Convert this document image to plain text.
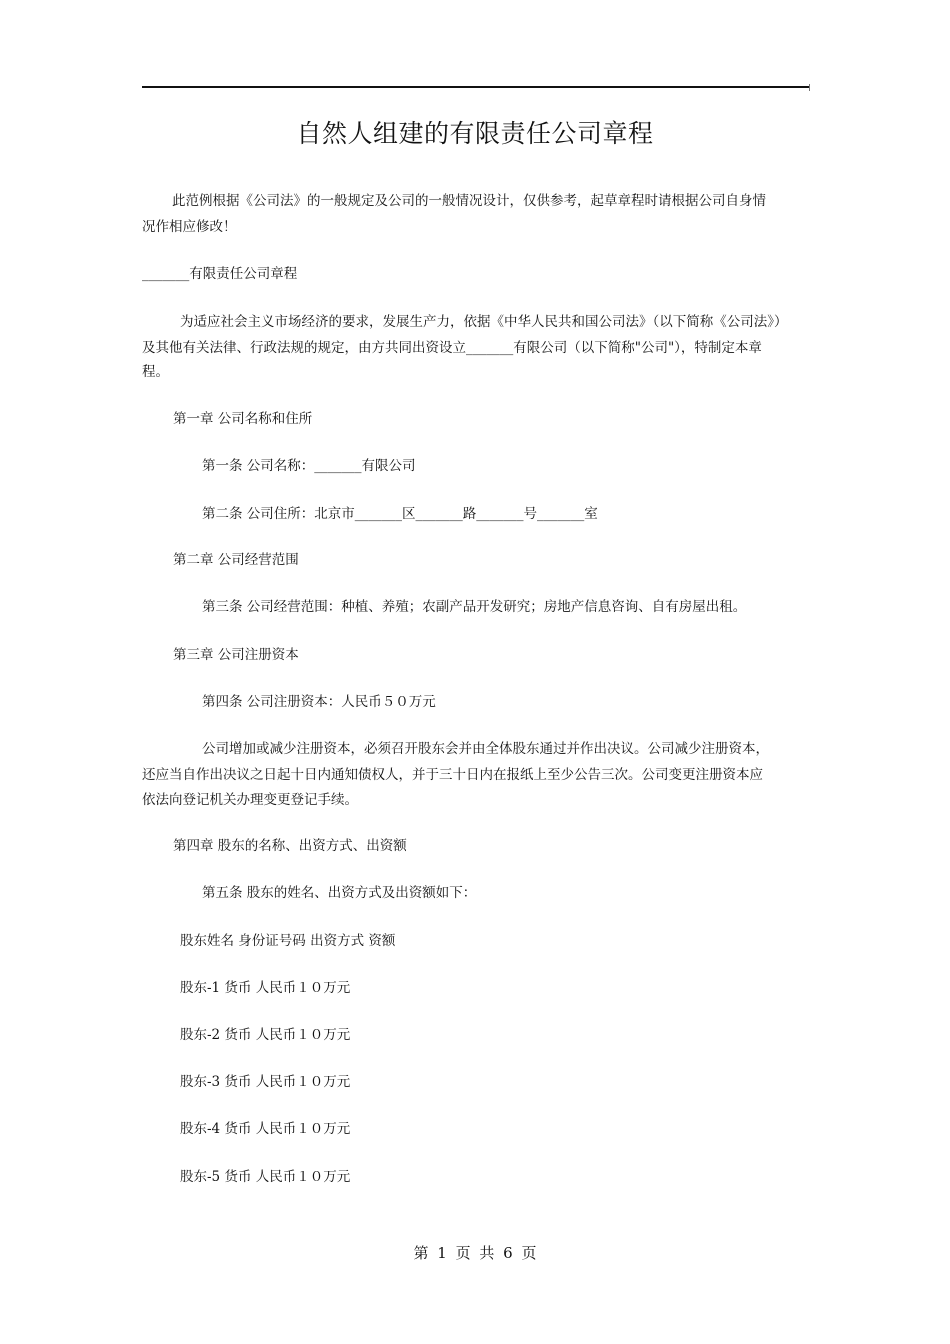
自然人组建的有限责任公司章程
此范例根据《公司法》的一般规定及公司的一般情况设计，仅供参考，起草章程时请根据公司自身情
况作相应修改！
_______有限责任公司章程
为适应社会主义市场经济的要求，发展生产力，依据《中华人民共和国公司法》（以下简称《公司法》）
及其他有关法律、行政法规的规定，由方共同出资设立_______有限公司（以下简称"公司"），特制定本章
程。
第一章 公司名称和住所
第一条 公司名称：_______有限公司
第二条 公司住所：北京市_______区_______路_______号_______室
第二章 公司经营范围
第三条 公司经营范围：种植、养殖；农副产品开发研究；房地产信息咨询、自有房屋出租。
第三章 公司注册资本
第四条 公司注册资本：人民币５０万元
公司增加或减少注册资本，必须召开股东会并由全体股东通过并作出决议。公司减少注册资本，
还应当自作出决议之日起十日内通知债权人，并于三十日内在报纸上至少公告三次。公司变更注册资本应
依法向登记机关办理变更登记手续。
第四章 股东的名称、出资方式、出资额
第五条 股东的姓名、出资方式及出资额如下：
股东姓名 身份证号码 出资方式 资额
股东-1 货币 人民币１０万元
股东-2 货币 人民币１０万元
股东-3 货币 人民币１０万元
股东-4 货币 人民币１０万元
股东-5 货币 人民币１０万元
第 1 页 共 6 页
